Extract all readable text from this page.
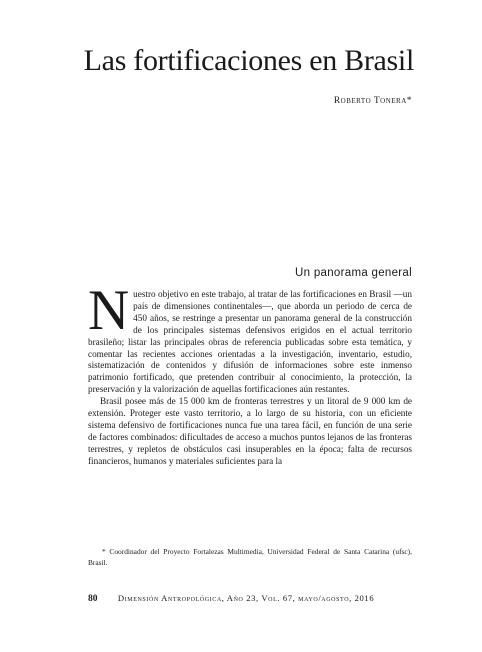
Las fortificaciones en Brasil
Roberto Tonera*
Un panorama general

Nuestro objetivo en este trabajo, al tratar de las fortificaciones en Brasil —un país de dimensiones continentales—, que aborda un periodo de cerca de 450 años, se restringe a presentar un panorama general de la construcción de los principales sistemas defensivos erigidos en el actual territorio brasileño; listar las principales obras de referencia publicadas sobre esta temática, y comentar las recientes acciones orientadas a la investigación, inventario, estudio, sistematización de contenidos y difusión de informaciones sobre este inmenso patrimonio fortificado, que pretenden contribuir al conocimiento, la protección, la preservación y la valorización de aquellas fortificaciones aún restantes.

Brasil posee más de 15 000 km de fronteras terrestres y un litoral de 9 000 km de extensión. Proteger este vasto territorio, a lo largo de su historia, con un eficiente sistema defensivo de fortificaciones nunca fue una tarea fácil, en función de una serie de factores combinados: dificultades de acceso a muchos puntos lejanos de las fronteras terrestres, y repletos de obstáculos casi insuperables en la época; falta de recursos financieros, humanos y materiales suficientes para la

* Coordinador del Proyecto Fortalezas Multimedia, Universidad Federal de Santa Catarina (ufsc), Brasil.
80 Dimensión Antropológica, Año 23, Vol. 67, mayo/agosto, 2016
